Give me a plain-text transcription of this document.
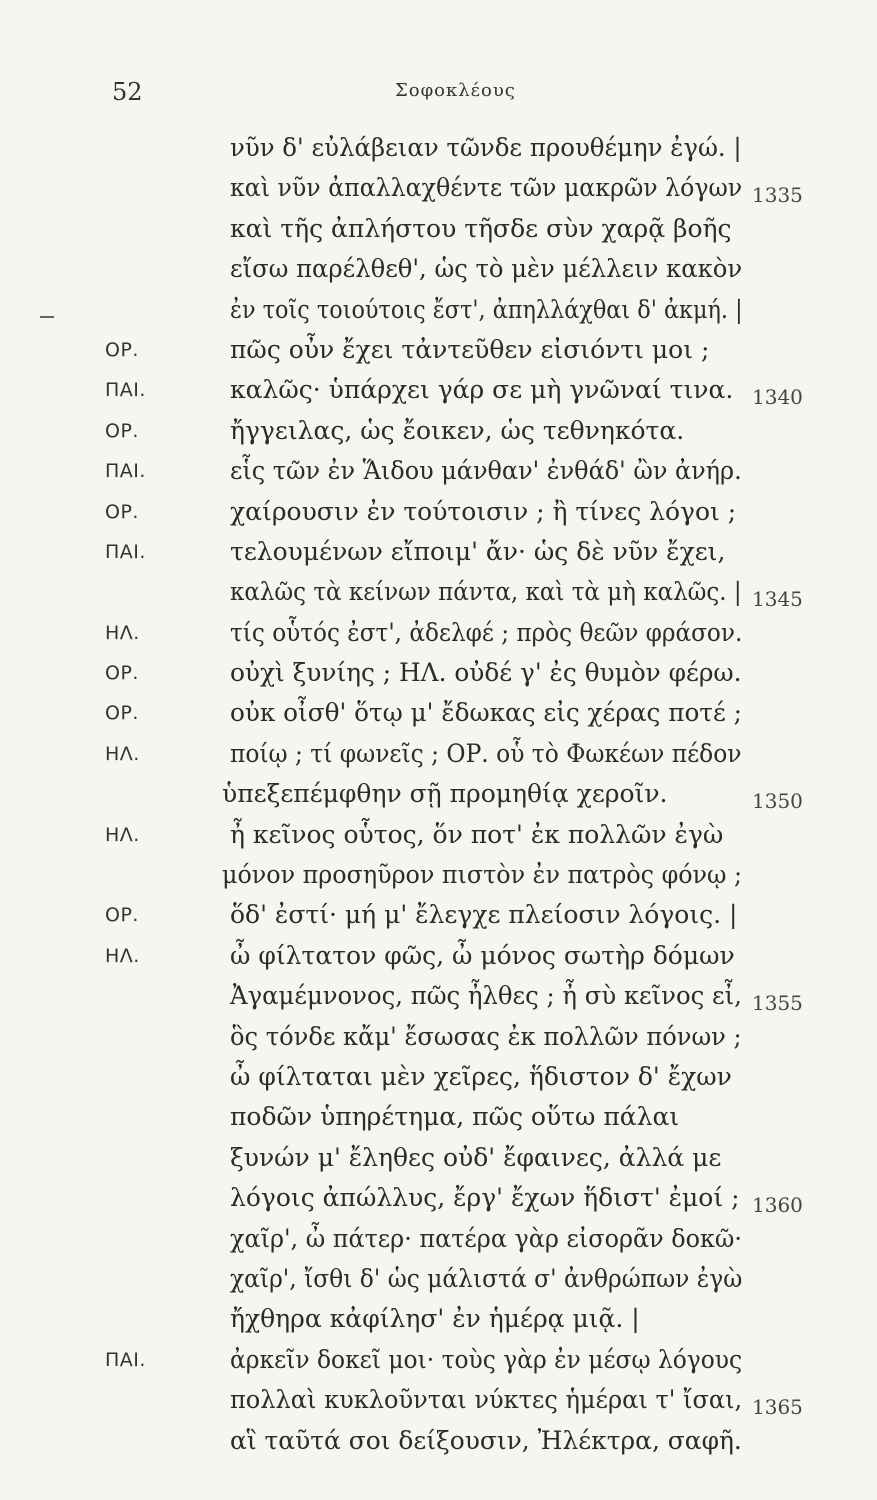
52	Σοφοκλέους
νῦν δ' εὐλάβειαν τῶνδε προυθέμην ἐγώ. |
καὶ νῦν ἀπαλλαχθέντε τῶν μακρῶν λόγων 1335
καὶ τῆς ἀπλήστου τῆσδε σὺν χαρᾷ βοῆς
εἴσω παρέλθεθ', ὡς τὸ μὲν μέλλειν κακὸν
ἐν τοῖς τοιούτοις ἔστ', ἀπηλλάχθαι δ' ἀκμή. |
ΟΡ.	πῶς οὖν ἔχει τἀντεῦθεν εἰσιόντι μοι ;
ΠΑΙ.	καλῶς· ὑπάρχει γάρ σε μὴ γνῶναί τινα. 1340
ΟΡ.	ἤγγειλας, ὡς ἔοικεν, ὡς τεθνηκότα.
ΠΑΙ.	εἷς τῶν ἐν Ἅιδου μάνθαν' ἐνθάδ' ὢν ἀνήρ.
ΟΡ.	χαίρουσιν ἐν τούτοισιν ; ἢ τίνες λόγοι ;
ΠΑΙ.	τελουμένων εἴποιμ' ἄν· ὡς δὲ νῦν ἔχει,
καλῶς τὰ κείνων πάντα, καὶ τὰ μὴ καλῶς. | 1345
ΗΛ.	τίς οὗτός ἐστ', ἀδελφέ ; πρὸς θεῶν φράσον.
ΟΡ.	οὐχὶ ξυνίης ; ΗΛ. οὐδέ γ' ἐς θυμὸν φέρω.
ΟΡ.	οὐκ οἶσθ' ὅτῳ μ' ἔδωκας εἰς χέρας ποτέ ;
ΗΛ.	ποίῳ ; τί φωνεῖς ; ΟΡ. οὗ τὸ Φωκέων πέδον
ὑπεξεπέμφθην σῇ προμηθίᾳ χεροῖν.	1350
ΗΛ.	ἦ κεῖνος οὗτος, ὅν ποτ' ἐκ πολλῶν ἐγὼ
μόνον προσηῦρον πιστὸν ἐν πατρὸς φόνῳ ;
ΟΡ.	ὅδ' ἐστί· μή μ' ἔλεγχε πλείοσιν λόγοις. |
ΗΛ.	ὦ φίλτατον φῶς, ὦ μόνος σωτὴρ δόμων
Ἀγαμέμνονος, πῶς ἦλθες ; ἦ σὺ κεῖνος εἶ, 1355
ὃς τόνδε κἄμ' ἔσωσας ἐκ πολλῶν πόνων ;
ὦ φίλταται μὲν χεῖρες, ἥδιστον δ' ἔχων
ποδῶν ὑπηρέτημα, πῶς οὕτω πάλαι
ξυνών μ' ἔληθες οὐδ' ἔφαινες, ἀλλά με
λόγοις ἀπώλλυς, ἔργ' ἔχων ἥδιστ' ἐμοί ; 1360
χαῖρ', ὦ πάτερ· πατέρα γὰρ εἰσορᾶν δοκῶ·
χαῖρ', ἴσθι δ' ὡς μάλιστά σ' ἀνθρώπων ἐγὼ
ἤχθηρα κἀφίλησ' ἐν ἡμέρᾳ μιᾷ. |
ΠΑΙ.	ἀρκεῖν δοκεῖ μοι· τοὺς γὰρ ἐν μέσῳ λόγους
πολλαὶ κυκλοῦνται νύκτες ἡμέραι τ' ἴσαι, 1365
αἳ ταῦτά σοι δείξουσιν, Ἠλέκτρα, σαφῆ.
